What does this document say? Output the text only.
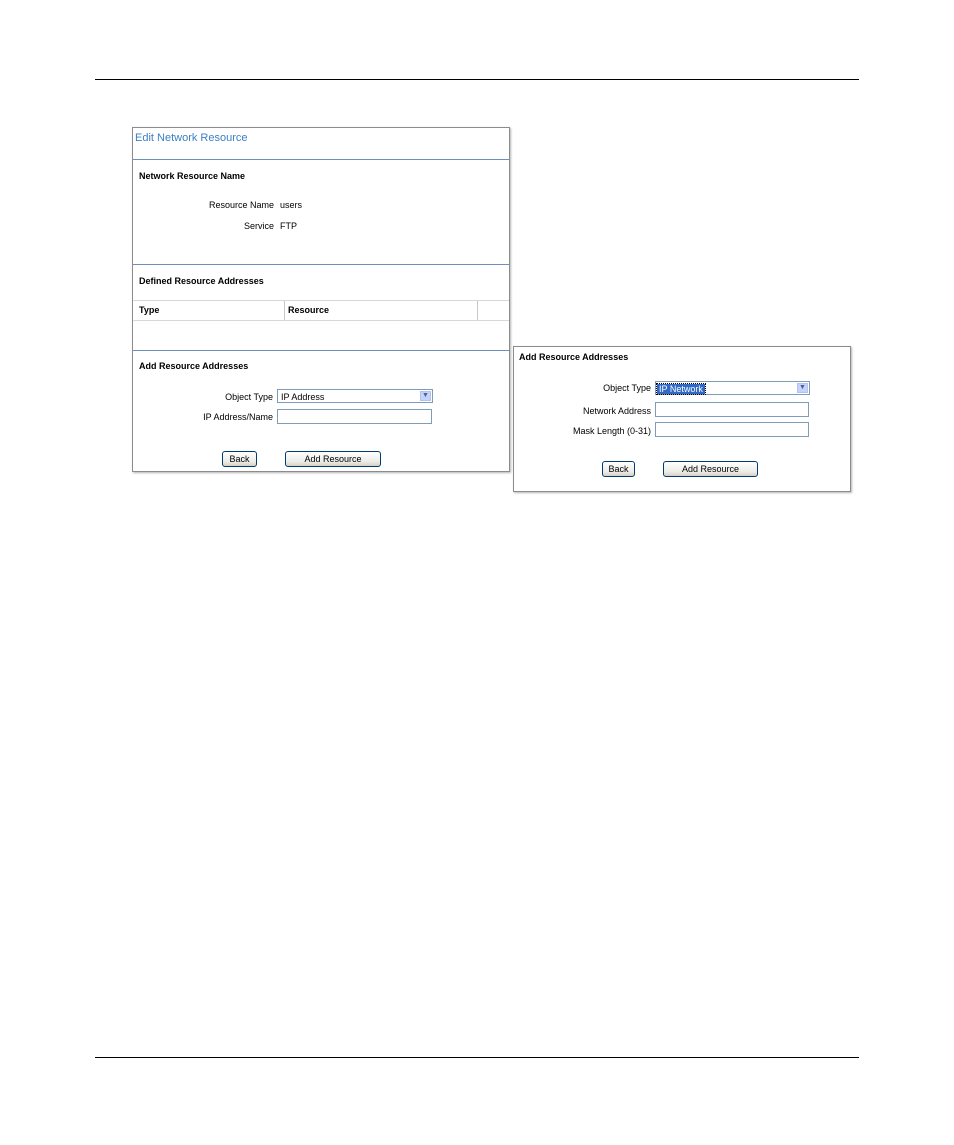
Edit Network Resource
Network Resource Name
Resource Name users
Service FTP
Defined Resource Addresses
Type	Resource
Add Resource Addresses
Object Type IP Address	▼
IP Address/Name
Back	Add Resource
Add Resource Addresses
Object Type IP Network	▼
Network Address
Mask Length (0-31)
Back	Add Resource
